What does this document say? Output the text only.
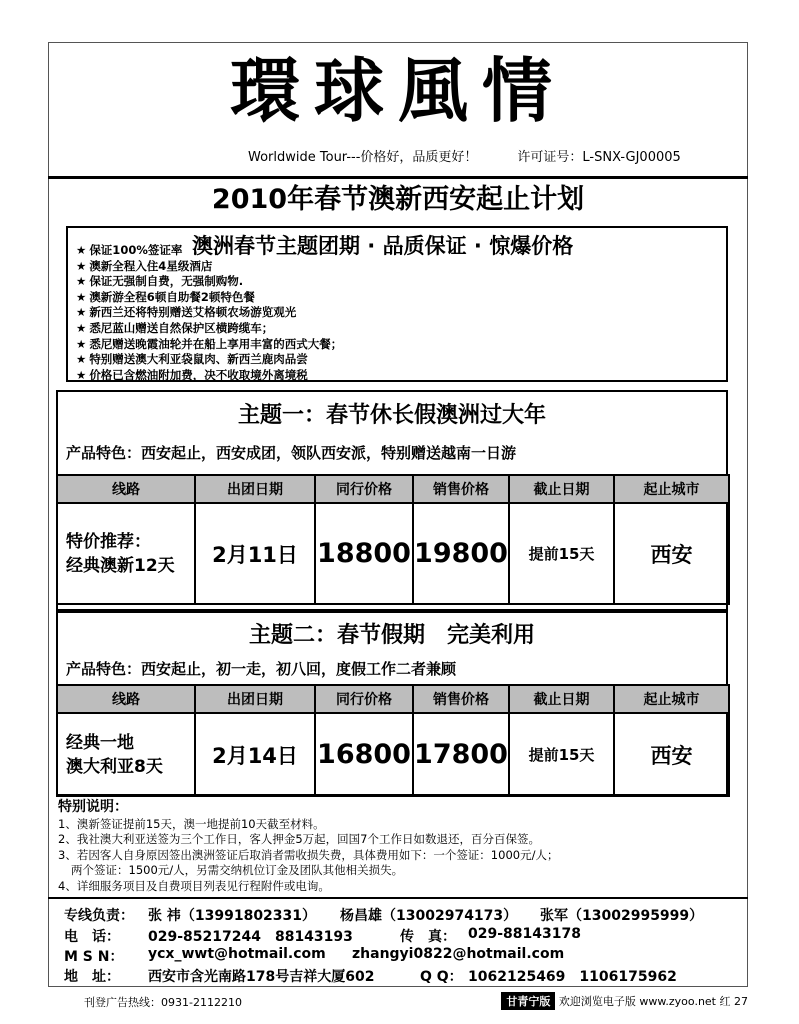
環球風情
Worldwide Tour---价格好，品质更好！	许可证号：L-SNX-GJ00005
2010年春节澳新西安起止计划
澳洲春节主题团期 · 品质保证 · 惊爆价格
★ 保证100%签证率
★ 澳新全程入住4星级酒店
★ 保证无强制自费，无强制购物.
★ 澳新游全程6顿自助餐2顿特色餐
★ 新西兰还将特别赠送艾格顿农场游览观光
★ 悉尼蓝山赠送自然保护区横跨缆车；
★ 悉尼赠送晚霞油轮并在船上享用丰富的西式大餐；
★ 特别赠送澳大利亚袋鼠肉、新西兰鹿肉品尝
★ 价格已含燃油附加费，决不收取境外离境税
主题一：春节休长假澳洲过大年
产品特色：西安起止，西安成团，领队西安派，特别赠送越南一日游
线路	出团日期	同行价格	销售价格	截止日期	起止城市

特价推荐：
经典澳新12天	2月11日	18800	19800	提前15天	西安
主题二：春节假期　完美利用
产品特色：西安起止，初一走，初八回，度假工作二者兼顾
线路	出团日期	同行价格	销售价格	截止日期	起止城市

经典一地
澳大利亚8天	2月14日	16800	17800	提前15天	西安
特别说明：

1、澳新签证提前15天，澳一地提前10天截至材料。

2、我社澳大利亚送签为三个工作日，客人押金5万起，回国7个工作日如数退还，百分百保签。

3、若因客人自身原因签出澳洲签证后取消者需收损失费，具体费用如下：一个签证：1000元/人；

两个签证：1500元/人，另需交纳机位订金及团队其他相关损失。

4、详细服务项目及自费项目列表见行程附件或电询。

专线负责： 张 祎（13991802331） 杨昌雄（13002974173） 张军（13002995999）
电　话： 029-85217244　88143193	传　真： 029-88143178
M S N： ycx_wwt@hotmail.com zhangyi0822@hotmail.com
地　址： 西安市含光南路178号吉祥大厦602	Q Q： 1062125469　1106175962
刊登广告热线：0931-2112210	甘青宁版 欢迎浏览电子版 www.zyoo.net 红 27
